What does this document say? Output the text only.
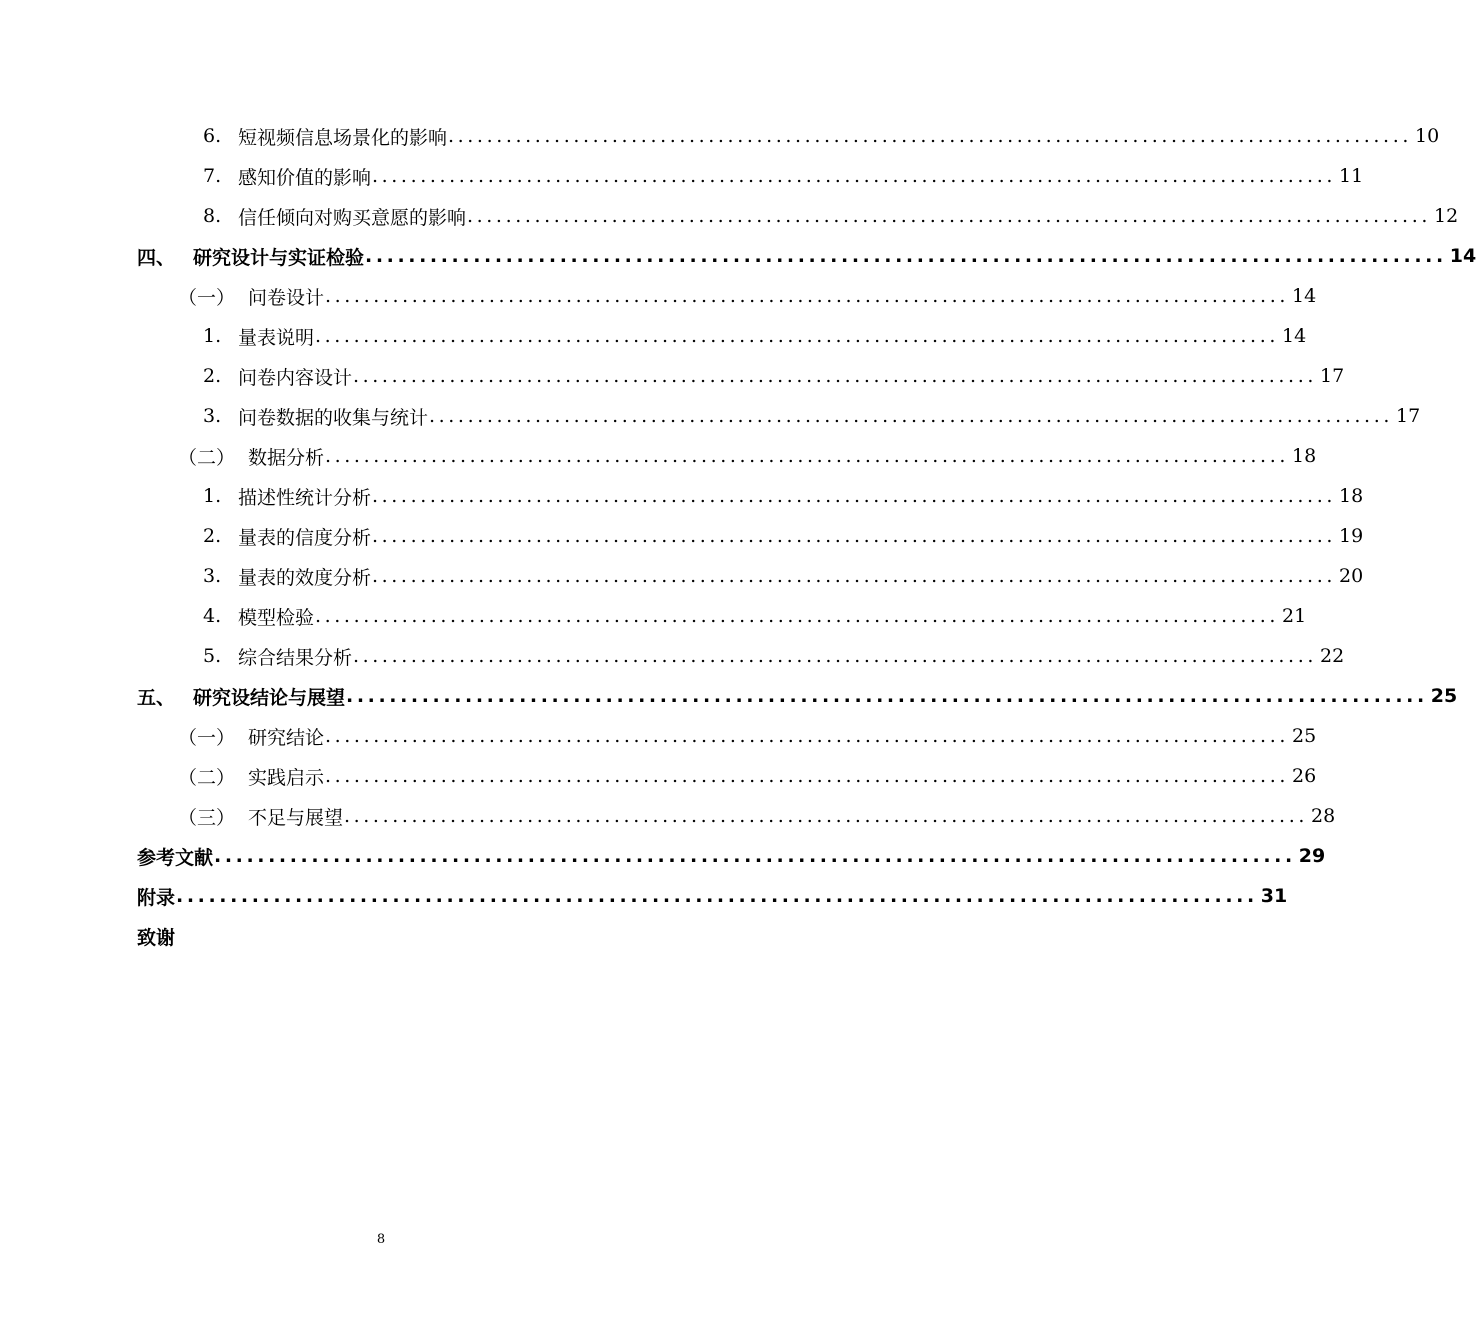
6. 短视频信息场景化的影响 .................................................................................................... 10
7. 感知价值的影响 .................................................................................................... 11
8. 信任倾向对购买意愿的影响 .................................................................................................... 12
四、 研究设计与实证检验 .................................................................................................... 14
（一） 问卷设计 .................................................................................................... 14
1. 量表说明 .................................................................................................... 14
2. 问卷内容设计 .................................................................................................... 17
3. 问卷数据的收集与统计 .................................................................................................... 17
（二） 数据分析 .................................................................................................... 18
1. 描述性统计分析 .................................................................................................... 18
2. 量表的信度分析 .................................................................................................... 19
3. 量表的效度分析 .................................................................................................... 20
4. 模型检验 .................................................................................................... 21
5. 综合结果分析 .................................................................................................... 22
五、 研究设结论与展望 .................................................................................................... 25
（一） 研究结论 .................................................................................................... 25
（二） 实践启示 .................................................................................................... 26
（三） 不足与展望 .................................................................................................... 28
参考文献 .................................................................................................... 29
附录 .................................................................................................... 31
致谢
8
